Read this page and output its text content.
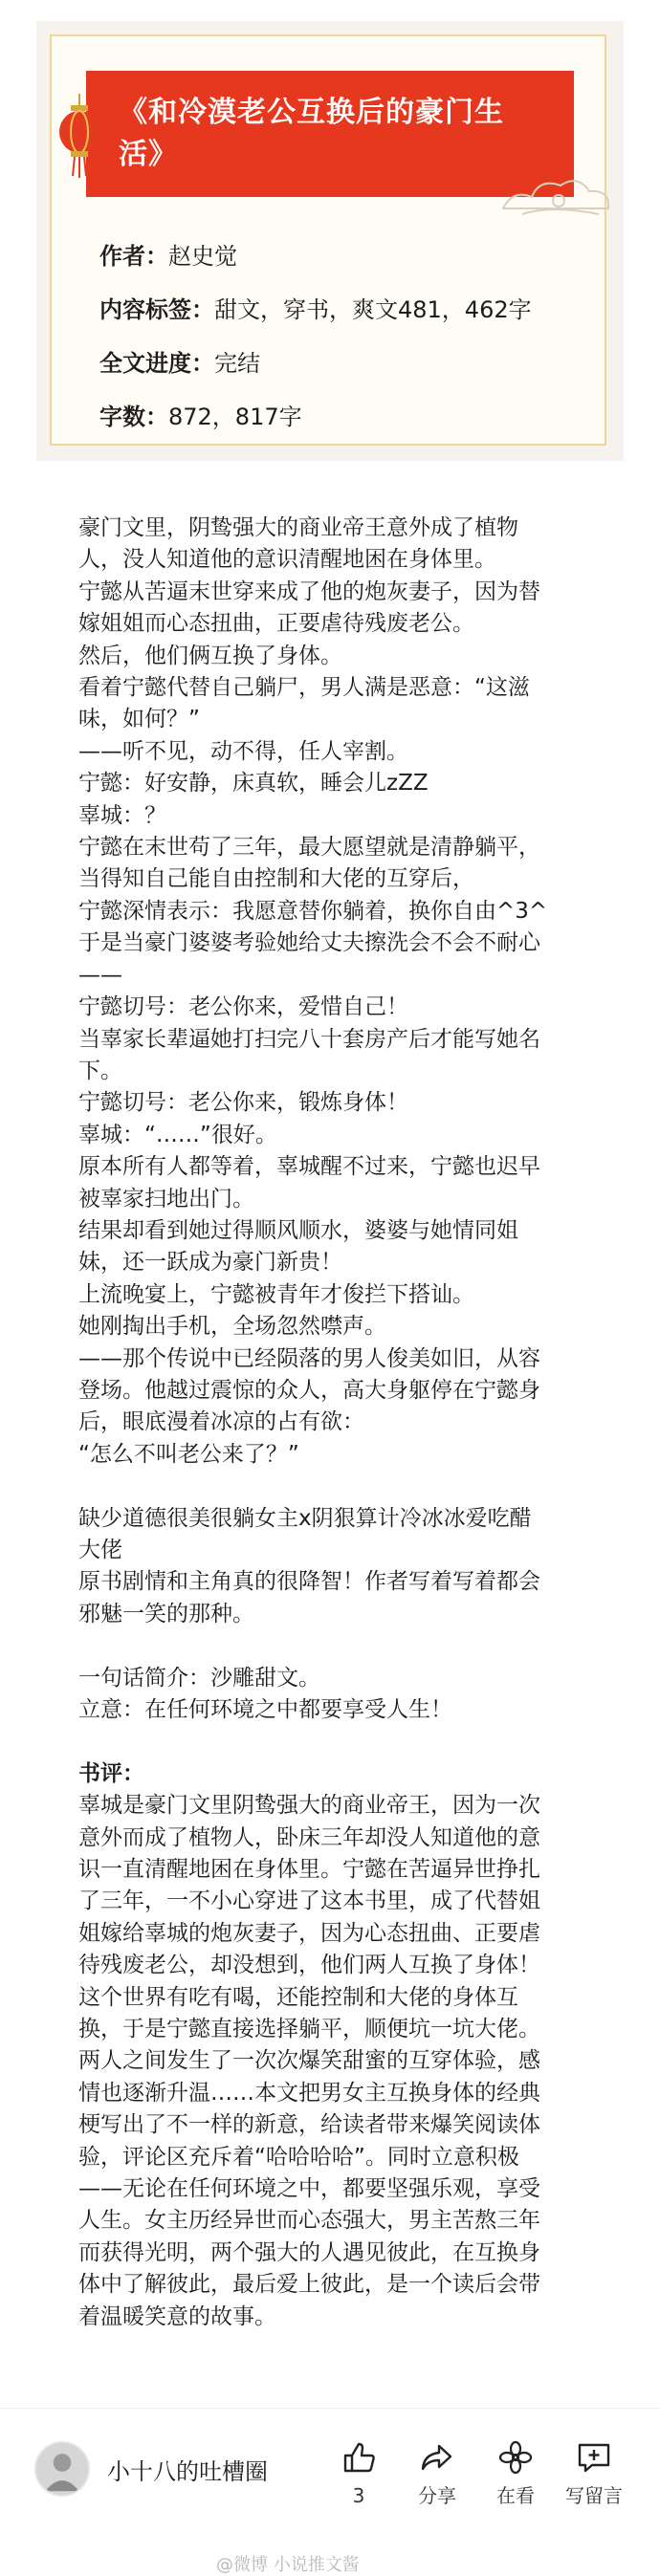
《和冷漠老公互换后的豪门生
活》
作者：赵史觉
内容标签：甜文，穿书，爽文481，462字
全文进度：完结
字数：872，817字

豪门文里，阴鸷强大的商业帝王意外成了植物

人，没人知道他的意识清醒地困在身体里。

宁懿从苦逼末世穿来成了他的炮灰妻子，因为替

嫁姐姐而心态扭曲，正要虐待残废老公。

然后，他们俩互换了身体。

看着宁懿代替自己躺尸，男人满是恶意：“这滋

味，如何？”

——听不见，动不得，任人宰割。

宁懿：好安静，床真软，睡会儿zZZ

辜城：？

宁懿在末世苟了三年，最大愿望就是清静躺平，

当得知自己能自由控制和大佬的互穿后，

宁懿深情表示：我愿意替你躺着，换你自由^3^

于是当豪门婆婆考验她给丈夫擦洗会不会不耐心

——

宁懿切号：老公你来，爱惜自己！

当辜家长辈逼她打扫完八十套房产后才能写她名

下。

宁懿切号：老公你来，锻炼身体！

辜城：“……”很好。

原本所有人都等着，辜城醒不过来，宁懿也迟早

被辜家扫地出门。

结果却看到她过得顺风顺水，婆婆与她情同姐

妹，还一跃成为豪门新贵！

上流晚宴上，宁懿被青年才俊拦下搭讪。

她刚掏出手机，全场忽然噤声。

——那个传说中已经陨落的男人俊美如旧，从容

登场。他越过震惊的众人，高大身躯停在宁懿身

后，眼底漫着冰凉的占有欲：

“怎么不叫老公来了？”

缺少道德很美很躺女主x阴狠算计冷冰冰爱吃醋

大佬

原书剧情和主角真的很降智！作者写着写着都会

邪魅一笑的那种。

一句话简介：沙雕甜文。

立意：在任何环境之中都要享受人生！

书评：

辜城是豪门文里阴鸷强大的商业帝王，因为一次

意外而成了植物人，卧床三年却没人知道他的意

识一直清醒地困在身体里。宁懿在苦逼异世挣扎

了三年，一不小心穿进了这本书里，成了代替姐

姐嫁给辜城的炮灰妻子，因为心态扭曲、正要虐

待残废老公，却没想到，他们两人互换了身体！

这个世界有吃有喝，还能控制和大佬的身体互

换，于是宁懿直接选择躺平，顺便坑一坑大佬。

两人之间发生了一次次爆笑甜蜜的互穿体验，感

情也逐渐升温……本文把男女主互换身体的经典

梗写出了不一样的新意，给读者带来爆笑阅读体

验，评论区充斥着“哈哈哈哈”。同时立意积极

——无论在任何环境之中，都要坚强乐观，享受

人生。女主历经异世而心态强大，男主苦熬三年

而获得光明，两个强大的人遇见彼此，在互换身

体中了解彼此，最后爱上彼此，是一个读后会带

着温暖笑意的故事。

小十八的吐槽圈
3	分享	在看	写留言
@微博 小说推文酱
